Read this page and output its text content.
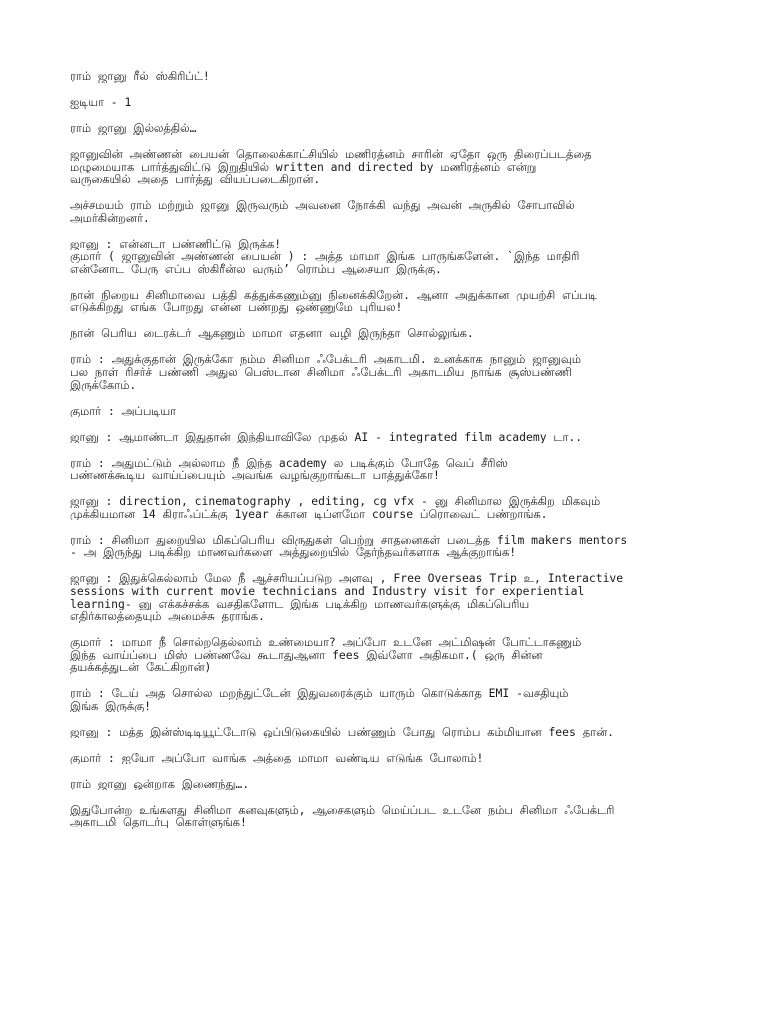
ராம் ஜானு ரீல் ஸ்கிரிப்ட்!
ஐடியா - 1
ராம் ஜானு இல்லத்தில்…
ஜானுவின் அண்ணன் பையன் தொலைக்காட்சியில் மணிரத்னம் சாரின் ஏதோ ஒரு திரைப்படத்தை
மழுமையாக பார்த்துவிட்டு இறுதியில் written and directed by மணிரத்னம் என்று
வருகையில் அதை பார்த்து வியப்படைகிறான்.
அச்சமயம் ராம் மற்றும் ஜானு இருவரும் அவனை நோக்கி வந்து அவன் அருகில் சோபாவில்
அமர்கின்றனர்.
ஜானு : என்னடா பண்ணிட்டு இருக்க!
குமார் ( ஜானுவின் அண்ணன் பையன் ) : அத்த மாமா இங்க பாருங்களேன். `இந்த மாதிரி
என்னோட பேரு எப்ப ஸ்கிரீன்ல வரும்’ ரொம்ப ஆசையா இருக்கு.
நான் நிறைய சினிமாவை பத்தி கத்துக்கணும்னு நினைக்கிறேன். ஆனா அதுக்கான முயற்சி எப்படி
எடுக்கிறது எங்க போறது என்ன பண்றது ஒண்ணுமே புரியல!
நான் பெரிய டைரக்டர் ஆகணும் மாமா எதனா வழி இருந்தா சொல்லுங்க.
ராம் : அதுக்குதான் இருக்கோ நம்ம சினிமா ஃபேக்டரி அகாடமி. உனக்காக நானும் ஜானுவும்
பல நாள் ரிசர்ச் பண்ணி அதுல பெஸ்டான சினிமா ஃபேக்டரி அகாடமிய நாங்க சூஸ்பண்ணி
இருக்கோம்.
குமார் : அப்படியா
ஜானு : ஆமாண்டா இதுதான் இந்தியாவிலே முதல் AI - integrated film academy டா..
ராம் : அதுமட்டும் அல்லாம நீ இந்த academy ல படிக்கும் போதே வெப் சீரிஸ்
பண்ணக்கூடிய வாய்ப்பையும் அவங்க வழங்குறாங்கடா பாத்துக்கோ!
ஜானு : direction, cinematography , editing, cg vfx - னு சினிமால இருக்கிற மிகவும்
முக்கியமான 14 கிராஃப்ட்க்கு 1year க்கான டிப்ளமோ course ப்ரொவைட் பண்றாங்க.
ராம் : சினிமா துறையில மிகப்பெரிய விருதுகள் பெற்று சாதனைகள் படைத்த film makers mentors
- அ இருந்து படிக்கிற மாணவர்களை அத்துறையில் தேர்ந்தவர்களாக ஆக்குறாங்க!
ஜானு : இதுக்கெல்லாம் மேல நீ ஆச்சரியப்படுற அளவு , Free Overseas Trip உ, Interactive
sessions with current movie technicians and Industry visit for experiential
learning- னு எக்கச்சக்க வசதிகளோட இங்க படிக்கிற மாணவர்களுக்கு மிகப்பெரிய
எதிர்காலத்தையும் அமைச்சு தராங்க.
குமார் : மாமா நீ சொல்றதெல்லாம் உண்மையா? அப்போ உடனே அட்மிஷன் போட்டாகணும்
இந்த வாய்ப்பை மிஸ் பண்ணவே கூடாதுஆனா fees இவ்ளோ அதிகமா.( ஒரு சின்ன
தயக்கத்துடன் கேட்கிறான்)
ராம் : டேய் அத சொல்ல மறந்துட்டேன் இதுவரைக்கும் யாரும் கொடுக்காத EMI -வசதியும்
இங்க இருக்கு!
ஜானு : மத்த இன்ஸ்டிடியூட்டோடு ஒப்பிடுகையில் பண்ணும் போது ரொம்ப கம்மியான fees தான்.
குமார் : ஐயோ அப்போ வாங்க அத்தை மாமா வண்டிய எடுங்க போலாம்!
ராம் ஜானு ஒன்றாக இணைந்து….
இதுபோன்ற உங்களது சினிமா கனவுகளும், ஆசைகளும் மெய்ப்பட உடனே நம்ப சினிமா ஃபேக்டரி
அகாடமி தொடர்பு கொள்ளுங்க!
